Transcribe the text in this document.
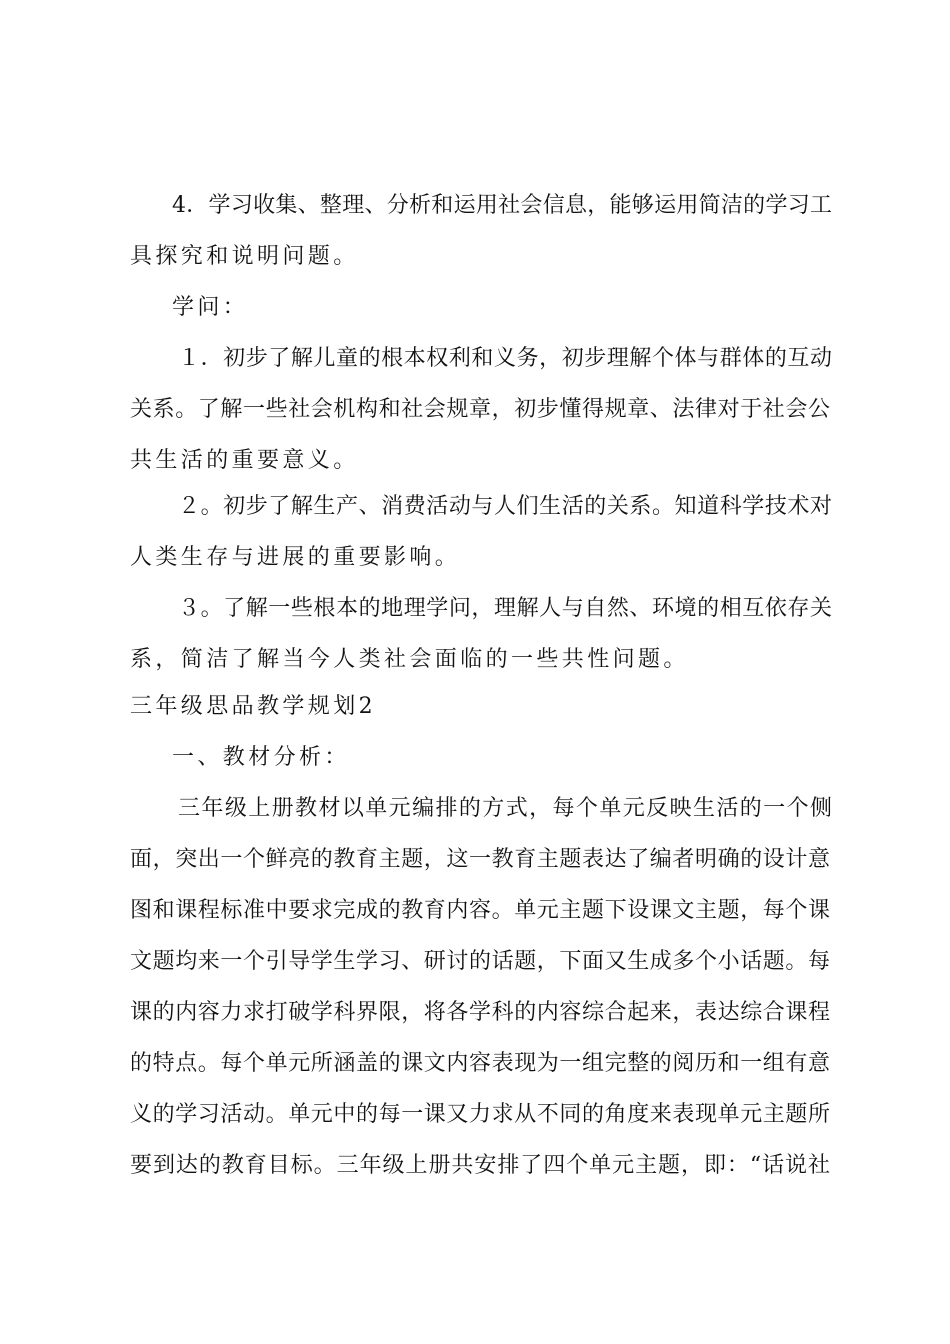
4．学习收集、整理、分析和运用社会信息，能够运用简洁的学习工
具探究和说明问题。
学问：
１．初步了解儿童的根本权利和义务，初步理解个体与群体的互动
关系。了解一些社会机构和社会规章，初步懂得规章、法律对于社会公
共生活的重要意义。
２。初步了解生产、消费活动与人们生活的关系。知道科学技术对
人类生存与进展的重要影响。
３。了解一些根本的地理学问，理解人与自然、环境的相互依存关
系，简洁了解当今人类社会面临的一些共性问题。
三年级思品教学规划2
一、教材分析：
三年级上册教材以单元编排的方式，每个单元反映生活的一个侧
面，突出一个鲜亮的教育主题，这一教育主题表达了编者明确的设计意
图和课程标准中要求完成的教育内容。单元主题下设课文主题，每个课
文题均来一个引导学生学习、研讨的话题，下面又生成多个小话题。每
课的内容力求打破学科界限，将各学科的内容综合起来，表达综合课程
的特点。每个单元所涵盖的课文内容表现为一组完整的阅历和一组有意
义的学习活动。单元中的每一课又力求从不同的角度来表现单元主题所
要到达的教育目标。三年级上册共安排了四个单元主题，即：“话说社
